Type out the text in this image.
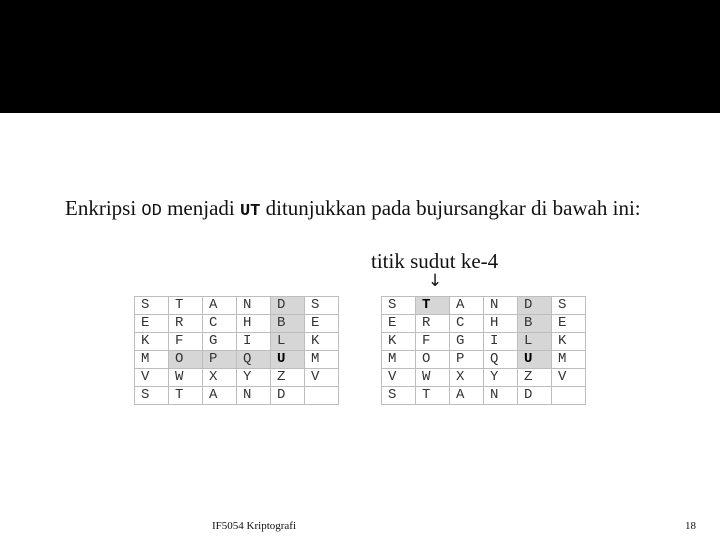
Enkripsi OD menjadi UT ditunjukkan pada bujursangkar di bawah ini:
titik sudut ke-4
↓
S	T	A	N	D	S
E	R	C	H	B	E
K	F	G	I	L	K
M	O	P	Q	U	M
V	W	X	Y	Z	V
S	T	A	N	D	
S	T	A	N	D	S
E	R	C	H	B	E
K	F	G	I	L	K
M	O	P	Q	U	M
V	W	X	Y	Z	V
S	T	A	N	D	
IF5054 Kriptografi	18
